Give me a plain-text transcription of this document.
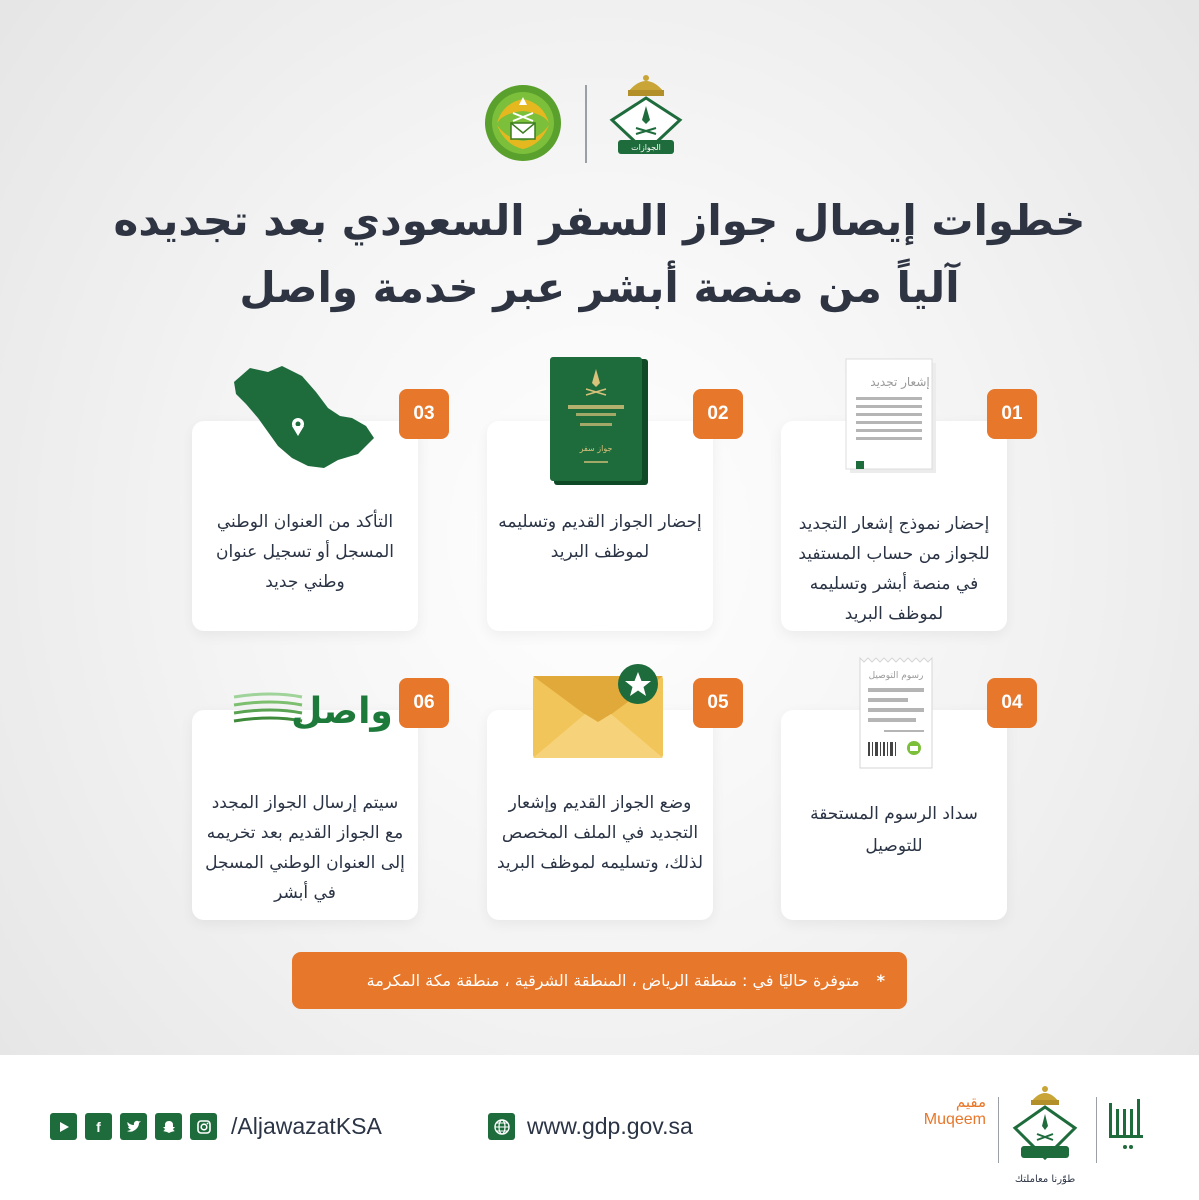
الجوازات
خطوات إيصال جواز السفر السعودي بعد تجديده
آلياً من منصة أبشر عبر خدمة واصل
إحضار نموذج إشعار التجديد للجواز من حساب المستفيد في منصة أبشر وتسليمه لموظف البريد
إشعار تجديد
01
إحضار الجواز القديم وتسليمه لموظف البريد
جواز سفر
02
التأكد من العنوان الوطني المسجل أو تسجيل عنوان وطني جديد
03
سداد الرسوم المستحقة للتوصيل
رسوم التوصيل
04
وضع الجواز القديم وإشعار التجديد في الملف المخصص لذلك، وتسليمه لموظف البريد
05
سيتم إرسال الجواز المجدد مع الجواز القديم بعد تخريمه إلى العنوان الوطني المسجل في أبشر
واصل	06
* متوفرة حاليًا في : منطقة الرياض ، المنطقة الشرقية ، منطقة مكة المكرمة
f	/AljawazatKSA	www.gdp.gov.sa
مقيم
Muqeem
طوّرنا معاملتك
